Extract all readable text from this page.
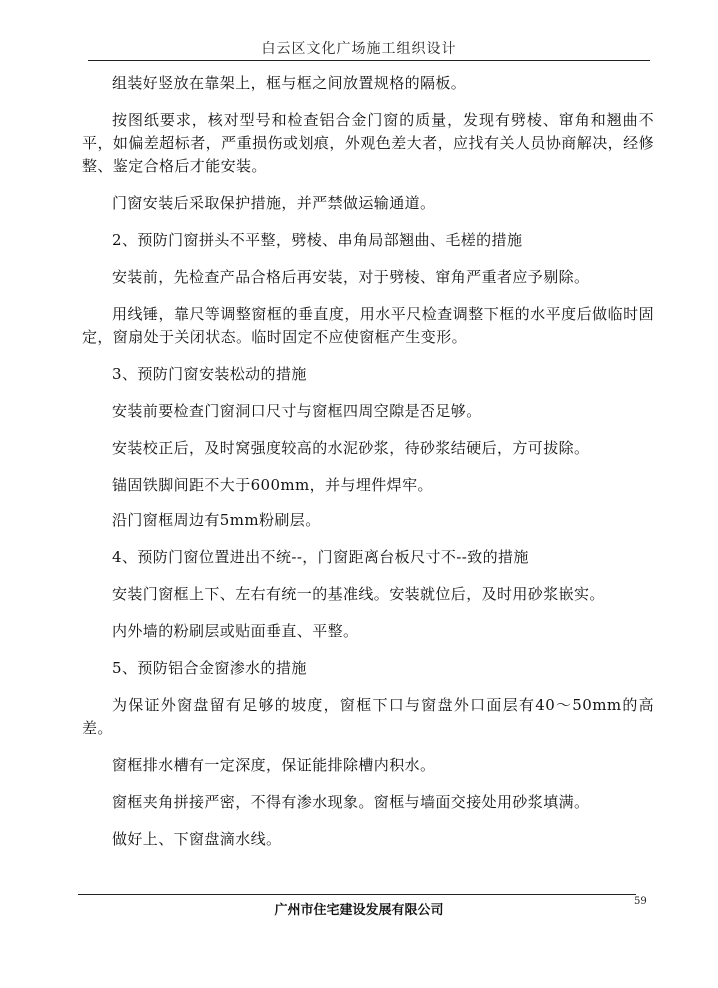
白云区文化广场施工组织设计

组装好竖放在靠架上，框与框之间放置规格的隔板。

按图纸要求，核对型号和检查铝合金门窗的质量，发现有劈棱、窜角和翘曲不平，如偏差超标者，严重损伤或划痕，外观色差大者，应找有关人员协商解决，经修整、鉴定合格后才能安装。

门窗安装后采取保护措施，并严禁做运输通道。

2、预防门窗拼头不平整，劈棱、串角局部翘曲、毛槎的措施

安装前，先检查产品合格后再安装，对于劈棱、窜角严重者应予剔除。

用线锤，靠尺等调整窗框的垂直度，用水平尺检查调整下框的水平度后做临时固定，窗扇处于关闭状态。临时固定不应使窗框产生变形。

3、预防门窗安装松动的措施

安装前要检查门窗洞口尺寸与窗框四周空隙是否足够。

安装校正后，及时窝强度较高的水泥砂浆，待砂浆结硬后，方可拔除。

锚固铁脚间距不大于600mm，并与埋件焊牢。

沿门窗框周边有5mm粉刷层。

4、预防门窗位置进出不统--，门窗距离台板尺寸不--致的措施

安装门窗框上下、左右有统一的基准线。安装就位后，及时用砂浆嵌实。

内外墙的粉刷层或贴面垂直、平整。

5、预防铝合金窗渗水的措施

为保证外窗盘留有足够的坡度，窗框下口与窗盘外口面层有40～50mm的高差。

窗框排水槽有一定深度，保证能排除槽内积水。

窗框夹角拼接严密，不得有渗水现象。窗框与墙面交接处用砂浆填满。

做好上、下窗盘滴水线。

广州市住宅建设发展有限公司
59
